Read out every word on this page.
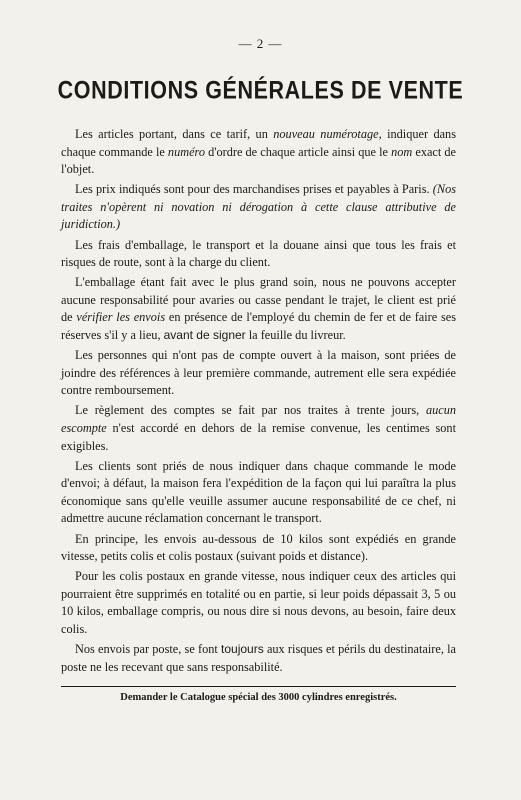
— 2 —
CONDITIONS GÉNÉRALES DE VENTE

Les articles portant, dans ce tarif, un nouveau numérotage, indiquer dans chaque commande le numéro d'ordre de chaque article ainsi que le nom exact de l'objet.

Les prix indiqués sont pour des marchandises prises et payables à Paris. (Nos traites n'opèrent ni novation ni dérogation à cette clause attributive de juridiction.)

Les frais d'emballage, le transport et la douane ainsi que tous les frais et risques de route, sont à la charge du client.

L'emballage étant fait avec le plus grand soin, nous ne pouvons accepter aucune responsabilité pour avaries ou casse pendant le trajet, le client est prié de vérifier les envois en présence de l'employé du chemin de fer et de faire ses réserves s'il y a lieu, avant de signer la feuille du livreur.

Les personnes qui n'ont pas de compte ouvert à la maison, sont priées de joindre des références à leur première commande, autrement elle sera expédiée contre remboursement.

Le règlement des comptes se fait par nos traites à trente jours, aucun escompte n'est accordé en dehors de la remise convenue, les centimes sont exigibles.

Les clients sont priés de nous indiquer dans chaque commande le mode d'envoi; à défaut, la maison fera l'expédition de la façon qui lui paraîtra la plus économique sans qu'elle veuille assumer aucune responsabilité de ce chef, ni admettre aucune réclamation concernant le transport.

En principe, les envois au-dessous de 10 kilos sont expédiés en grande vitesse, petits colis et colis postaux (suivant poids et distance).

Pour les colis postaux en grande vitesse, nous indiquer ceux des articles qui pourraient être supprimés en totalité ou en partie, si leur poids dépassait 3, 5 ou 10 kilos, emballage compris, ou nous dire si nous devons, au besoin, faire deux colis.

Nos envois par poste, se font toujours aux risques et périls du destinataire, la poste ne les recevant que sans responsabilité.

Demander le Catalogue spécial des 3000 cylindres enregistrés.
